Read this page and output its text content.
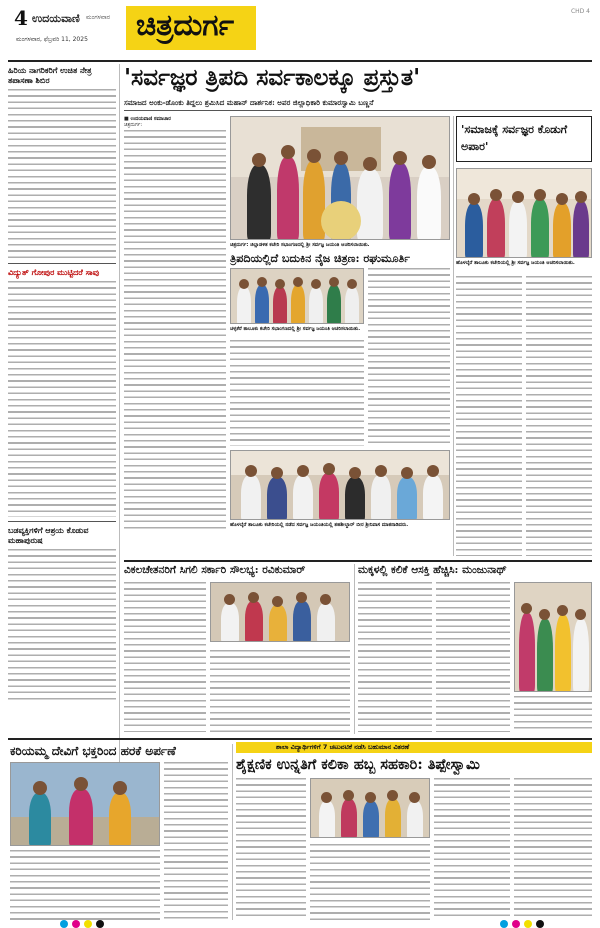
4 ಉದಯವಾಣಿ ಮಂಗಳವಾರ
ಮಂಗಳವಾರ, ಫೆಬ್ರವರಿ 11, 2025 ಚಿತ್ರದುರ್ಗ	CHD 4
ಹಿರಿಯ ನಾಗರಿಕರಿಗೆ ಉಚಿತ ನೇತ್ರ ತಪಾಸಣಾ ಶಿಬಿರ
ವಿದ್ಯುತ್ ಗೋಪುರ ಮುಟ್ಟಿದರೆ ಸಾವು
ಬಡವ್ಯಕ್ತಿಗಳಿಗೆ ಆಶ್ರಯ ಕೊಡುವ ಮಹಾಪುರುಷ
'ಸರ್ವಜ್ಞರ ತ್ರಿಪದಿ ಸರ್ವಕಾಲಕ್ಕೂ ಪ್ರಸ್ತುತ'
ಸಮಾಜದ ಅಂಕು-ಡೊಂಕು ತಿದ್ದಲು ಶ್ರಮಿಸಿದ ಮಹಾನ್ ದಾರ್ಶನಿಕ: ಅಪರ ಜಿಲ್ಲಾಧಿಕಾರಿ ಕುಮಾರಸ್ವಾಮಿ ಬಣ್ಣನೆ
■ ಉದಯವಾಣಿ ಸಮಾಚಾರ
ಚಿತ್ರದುರ್ಗ:
ಚಿತ್ರದುರ್ಗ: ಜಿಲ್ಲಾಡಳಿತ ಕಚೇರಿ ಸಭಾಂಗಣದಲ್ಲಿ ಶ್ರೀ ಸರ್ವಜ್ಞ ಜಯಂತಿ ಆಚರಿಸಲಾಯಿತು.
'ಸಮಾಜಕ್ಕೆ ಸರ್ವಜ್ಞರ ಕೊಡುಗೆ ಅಪಾರ'
ಹೊಳಲ್ಕೆರೆ ತಾಲೂಕು ಕಚೇರಿಯಲ್ಲಿ ಶ್ರೀ ಸರ್ವಜ್ಞ ಜಯಂತಿ ಆಚರಿಸಲಾಯಿತು.
ತ್ರಿಪದಿಯಲ್ಲಿದೆ ಬದುಕಿನ ನೈಜ ಚಿತ್ರಣ: ರಘುಮೂರ್ತಿ
ಚಳ್ಳಕೆರೆ ತಾಲೂಕು ಕಚೇರಿ ಸಭಾಂಗಣದಲ್ಲಿ ಶ್ರೀ ಸರ್ವಜ್ಞ ಜಯಂತಿ ಆಚರಿಸಲಾಯಿತು.
ಹೊಳಲ್ಕೆರೆ ತಾಲೂಕು ಕಚೇರಿಯಲ್ಲಿ ನಡೆದ ಸರ್ವಜ್ಞ ಜಯಂತಿಯಲ್ಲಿ ತಹಶೀಲ್ದಾರ್ ಬೀರ ಶ್ರೀನಿವಾಸ ಮಾತನಾಡಿದರು.
ವಿಕಲಚೇತನರಿಗೆ ಸಿಗಲಿ ಸರ್ಕಾರಿ ಸೌಲಭ್ಯ: ರವಿಕುಮಾರ್	ಮಕ್ಕಳಲ್ಲಿ ಕಲಿಕೆ ಆಸಕ್ತಿ ಹೆಚ್ಚಿಸಿ: ಮಂಜುನಾಥ್
ಕರಿಯಮ್ಮ ದೇವಿಗೆ ಭಕ್ತರಿಂದ ಹರಕೆ ಅರ್ಪಣೆ	ಶಾಲಾ ವಿದ್ಯಾರ್ಥಿಗಳಿಗೆ 7 ಚಟುವಟಿಕೆ ನಡೆಸಿ ಬಹುಮಾನ ವಿತರಣೆ
ಶೈಕ್ಷಣಿಕ ಉನ್ನತಿಗೆ ಕಲಿಕಾ ಹಬ್ಬ ಸಹಕಾರಿ: ತಿಪ್ಪೇಸ್ವಾಮಿ
